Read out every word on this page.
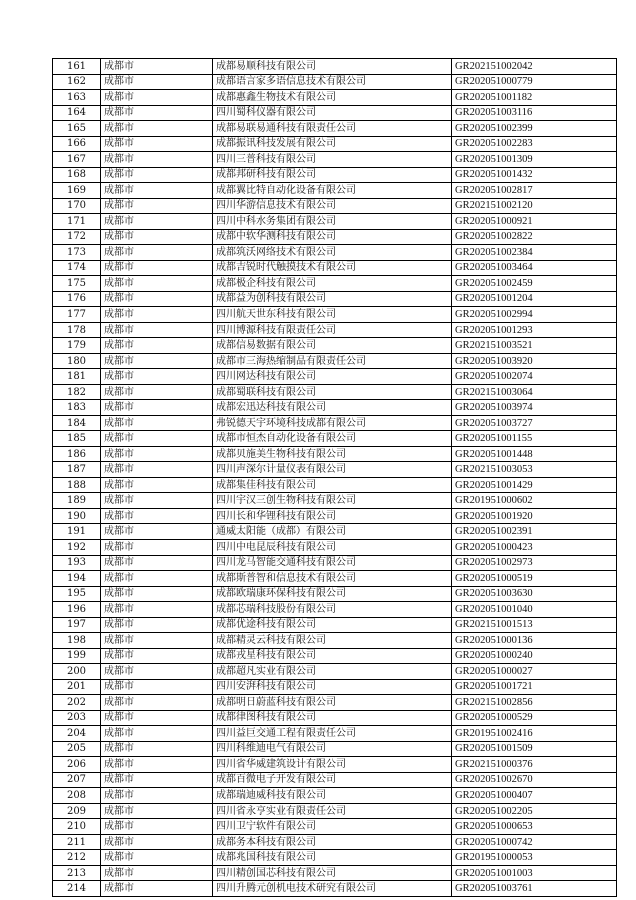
161	成都市	成都易顺科技有限公司	GR202151002042
162	成都市	成都语言家多语信息技术有限公司	GR202051000779
163	成都市	成都惠鑫生物技术有限公司	GR202051001182
164	成都市	四川蜀科仪器有限公司	GR202051003116
165	成都市	成都易联易通科技有限责任公司	GR202051002399
166	成都市	成都振讯科技发展有限公司	GR202051002283
167	成都市	四川三普科技有限公司	GR202051001309
168	成都市	成都邦研科技有限公司	GR202051001432
169	成都市	成都翼比特自动化设备有限公司	GR202051002817
170	成都市	四川华游信息技术有限公司	GR202151002120
171	成都市	四川中科水务集团有限公司	GR202051000921
172	成都市	成都中软华测科技有限公司	GR202051002822
173	成都市	成都筑沃网络技术有限公司	GR202051002384
174	成都市	成都吉锐时代触摸技术有限公司	GR202051003464
175	成都市	成都极企科技有限公司	GR202051002459
176	成都市	成都益为创科技有限公司	GR202051001204
177	成都市	四川航天世东科技有限公司	GR202051002994
178	成都市	四川博源科技有限责任公司	GR202051001293
179	成都市	成都信易数据有限公司	GR202151003521
180	成都市	成都市三海热缩制品有限责任公司	GR202051003920
181	成都市	四川网达科技有限公司	GR202051002074
182	成都市	成都蜀联科技有限公司	GR202151003064
183	成都市	成都宏迅达科技有限公司	GR202051003974
184	成都市	弗锐德天宇环境科技成都有限公司	GR202051003727
185	成都市	成都市恒杰自动化设备有限公司	GR202051001155
186	成都市	成都贝施美生物科技有限公司	GR202051001448
187	成都市	四川声深尔计量仪表有限公司	GR202151003053
188	成都市	成都集佳科技有限公司	GR202051001429
189	成都市	四川宇汉三创生物科技有限公司	GR201951000602
190	成都市	四川长和华锂科技有限公司	GR202051001920
191	成都市	通威太阳能（成都）有限公司	GR202051002391
192	成都市	四川中电昆辰科技有限公司	GR202051000423
193	成都市	四川龙马智能交通科技有限公司	GR202051002973
194	成都市	成都斯普智和信息技术有限公司	GR202051000519
195	成都市	成都欧瑞康环保科技有限公司	GR202051003630
196	成都市	成都芯瑞科技股份有限公司	GR202051001040
197	成都市	成都优途科技有限公司	GR202151001513
198	成都市	成都精灵云科技有限公司	GR202051000136
199	成都市	成都戎星科技有限公司	GR202051000240
200	成都市	成都超凡实业有限公司	GR202051000027
201	成都市	四川安湃科技有限公司	GR202051001721
202	成都市	成都明日蔚蓝科技有限公司	GR202151002856
203	成都市	成都律图科技有限公司	GR202051000529
204	成都市	四川益巨交通工程有限责任公司	GR201951002416
205	成都市	四川科维迪电气有限公司	GR202051001509
206	成都市	四川省华威建筑设计有限公司	GR202151000376
207	成都市	成都百微电子开发有限公司	GR202051002670
208	成都市	成都瑞迪威科技有限公司	GR202051000407
209	成都市	四川省永亨实业有限责任公司	GR202051002205
210	成都市	四川卫宁软件有限公司	GR202051000653
211	成都市	成都务本科技有限公司	GR202051000742
212	成都市	成都兆国科技有限公司	GR201951000053
213	成都市	四川精创国芯科技有限公司	GR202051001003
214	成都市	四川升腾元创机电技术研究有限公司	GR202051003761
